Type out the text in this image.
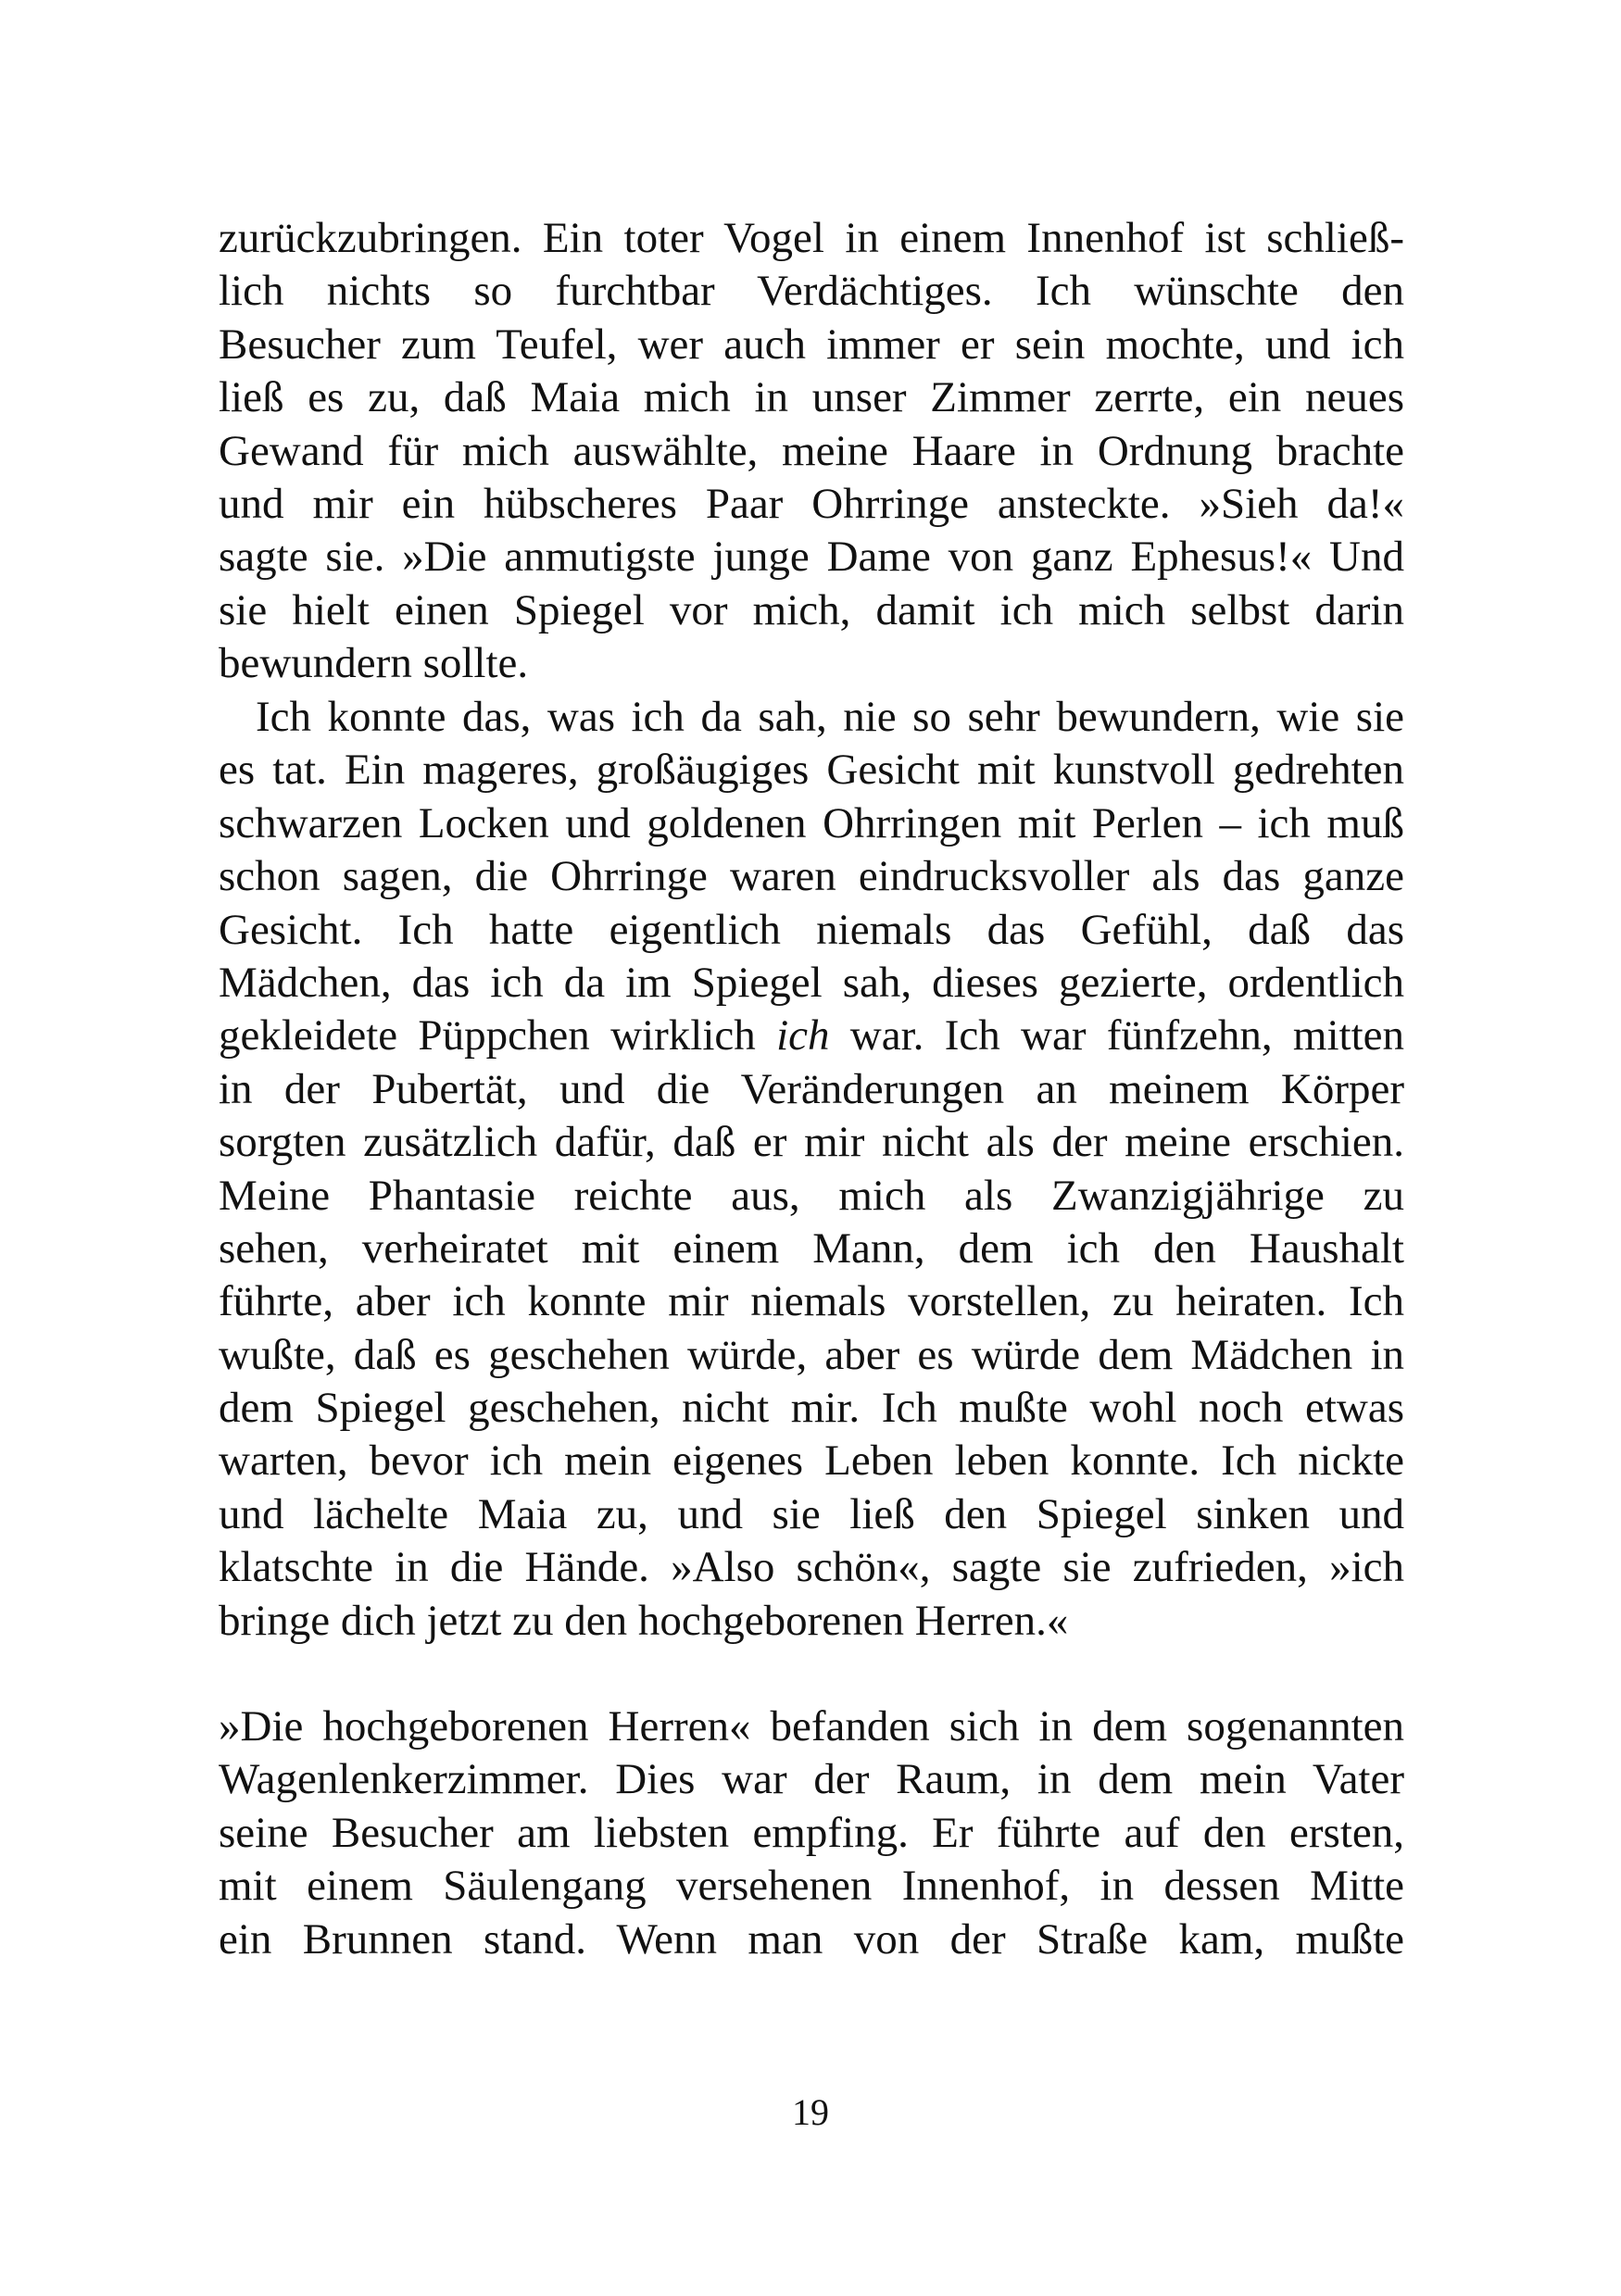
zurückzubringen. Ein toter Vogel in einem Innenhof ist schließ-
lich nichts so furchtbar Verdächtiges. Ich wünschte den
Besucher zum Teufel, wer auch immer er sein mochte, und ich
ließ es zu, daß Maia mich in unser Zimmer zerrte, ein neues
Gewand für mich auswählte, meine Haare in Ordnung brachte
und mir ein hübscheres Paar Ohrringe ansteckte. »Sieh da!«
sagte sie. »Die anmutigste junge Dame von ganz Ephesus!« Und
sie hielt einen Spiegel vor mich, damit ich mich selbst darin
bewundern sollte.
Ich konnte das, was ich da sah, nie so sehr bewundern, wie sie
es tat. Ein mageres, großäugiges Gesicht mit kunstvoll gedrehten
schwarzen Locken und goldenen Ohrringen mit Perlen – ich muß
schon sagen, die Ohrringe waren eindrucksvoller als das ganze
Gesicht. Ich hatte eigentlich niemals das Gefühl, daß das
Mädchen, das ich da im Spiegel sah, dieses gezierte, ordentlich
gekleidete Püppchen wirklich ich war. Ich war fünfzehn, mitten
in der Pubertät, und die Veränderungen an meinem Körper
sorgten zusätzlich dafür, daß er mir nicht als der meine erschien.
Meine Phantasie reichte aus, mich als Zwanzigjährige zu
sehen, verheiratet mit einem Mann, dem ich den Haushalt
führte, aber ich konnte mir niemals vorstellen, zu heiraten. Ich
wußte, daß es geschehen würde, aber es würde dem Mädchen in
dem Spiegel geschehen, nicht mir. Ich mußte wohl noch etwas
warten, bevor ich mein eigenes Leben leben konnte. Ich nickte
und lächelte Maia zu, und sie ließ den Spiegel sinken und
klatschte in die Hände. »Also schön«, sagte sie zufrieden, »ich
bringe dich jetzt zu den hochgeborenen Herren.«
»Die hochgeborenen Herren« befanden sich in dem sogenannten
Wagenlenkerzimmer. Dies war der Raum, in dem mein Vater
seine Besucher am liebsten empfing. Er führte auf den ersten,
mit einem Säulengang versehenen Innenhof, in dessen Mitte
ein Brunnen stand. Wenn man von der Straße kam, mußte
19
